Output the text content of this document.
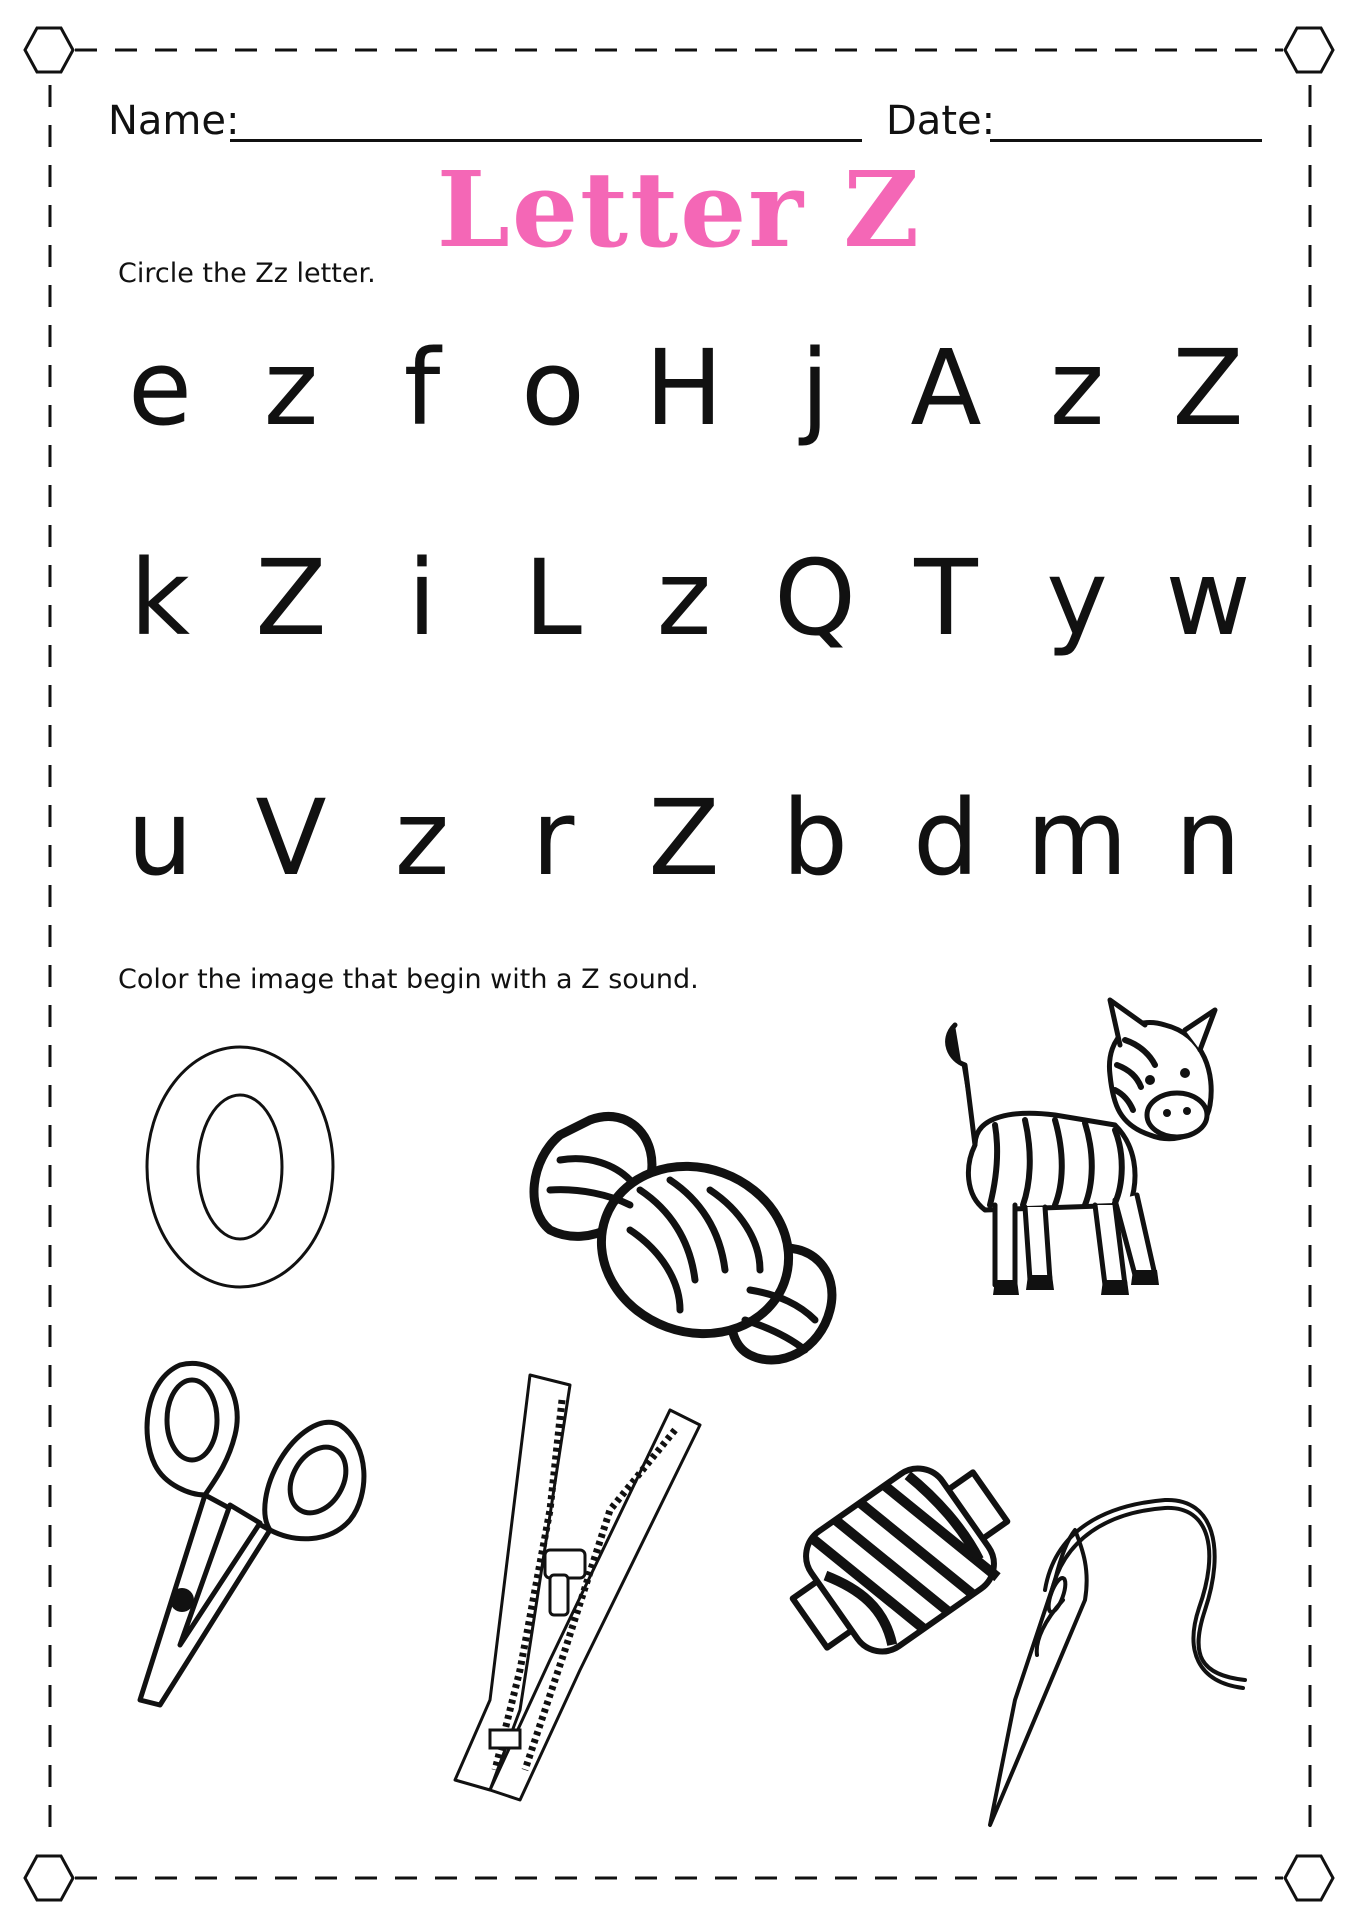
Name:	Date:
Letter Z
Circle the Zz letter.
e z f o H j A z Z
k Z i L z Q T y w
u V z r Z b d m n
Color the image that begin with a Z sound.
